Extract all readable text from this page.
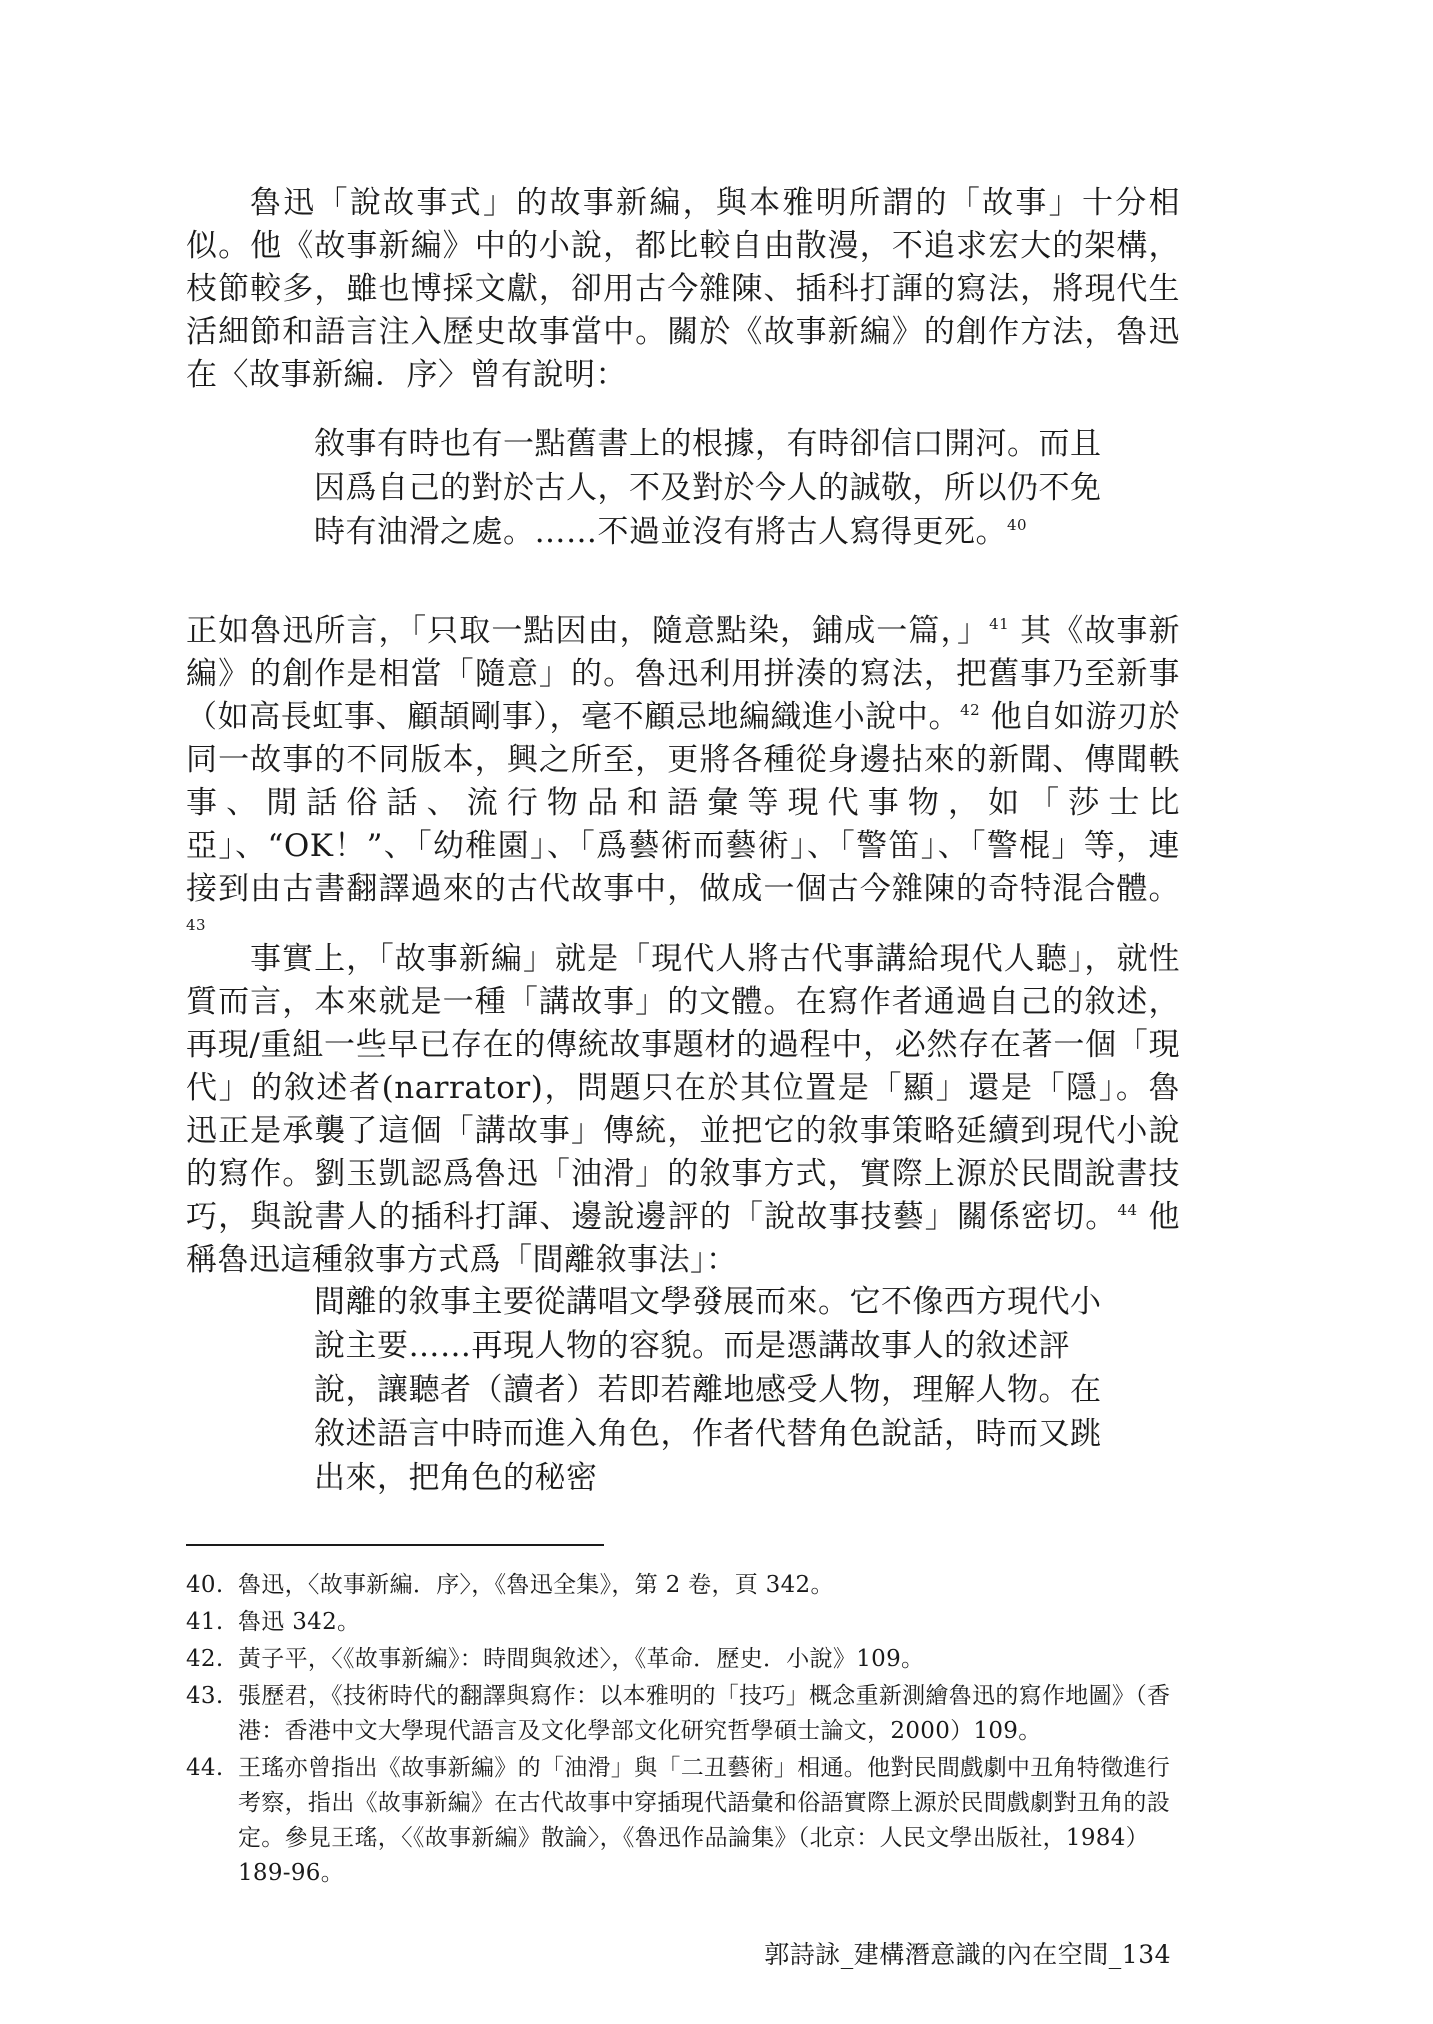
魯迅「說故事式」的故事新編，與本雅明所謂的「故事」十分相似。他《故事新編》中的小說，都比較自由散漫，不追求宏大的架構，枝節較多，雖也博採文獻，卻用古今雜陳、插科打諢的寫法，將現代生活細節和語言注入歷史故事當中。關於《故事新編》的創作方法，魯迅在〈故事新編．序〉曾有說明：

敘事有時也有一點舊書上的根據，有時卻信口開河。而且因爲自己的對於古人，不及對於今人的誠敬，所以仍不免時有油滑之處。……不過並沒有將古人寫得更死。$^{40}$

正如魯迅所言，「只取一點因由，隨意點染，鋪成一篇，」$^{41}$ 其《故事新編》的創作是相當「隨意」的。魯迅利用拼湊的寫法，把舊事乃至新事（如高長虹事、顧頡剛事），毫不顧忌地編織進小說中。$^{42}$ 他自如游刃於同一故事的不同版本，興之所至，更將各種從身邊拈來的新聞、傳聞軼事、閒話俗話、流行物品和語彙等現代事物，如「莎士比亞」、“OK！”、「幼稚園」、「爲藝術而藝術」、「警笛」、「警棍」等，連接到由古書翻譯過來的古代故事中，做成一個古今雜陳的奇特混合體。$^{43}$

事實上，「故事新編」就是「現代人將古代事講給現代人聽」，就性質而言，本來就是一種「講故事」的文體。在寫作者通過自己的敘述，再現/重組一些早已存在的傳統故事題材的過程中，必然存在著一個「現代」的敘述者(narrator)，問題只在於其位置是「顯」還是「隱」。魯迅正是承襲了這個「講故事」傳統，並把它的敘事策略延續到現代小說的寫作。劉玉凱認爲魯迅「油滑」的敘事方式，實際上源於民間說書技巧，與說書人的插科打諢、邊說邊評的「說故事技藝」關係密切。$^{44}$ 他稱魯迅這種敘事方式爲「間離敘事法」：

間離的敘事主要從講唱文學發展而來。它不像西方現代小說主要……再現人物的容貌。而是憑講故事人的敘述評說，讓聽者（讀者）若即若離地感受人物，理解人物。在敘述語言中時而進入角色，作者代替角色說話，時而又跳出來，把角色的秘密

40. 魯迅，〈故事新編．序〉，《魯迅全集》，第 2 卷，頁 342。

41. 魯迅 342。

42. 黃子平，〈《故事新編》：時間與敘述〉，《革命．歷史．小說》109。

43. 張歷君，《技術時代的翻譯與寫作：以本雅明的「技巧」概念重新測繪魯迅的寫作地圖》（香港：香港中文大學現代語言及文化學部文化研究哲學碩士論文，2000）109。

44. 王瑤亦曾指出《故事新編》的「油滑」與「二丑藝術」相通。他對民間戲劇中丑角特徵進行考察，指出《故事新編》在古代故事中穿插現代語彙和俗語實際上源於民間戲劇對丑角的設定。參見王瑤，〈《故事新編》散論〉，《魯迅作品論集》（北京：人民文學出版社，1984）189-96。

郭詩詠_建構潛意識的內在空間_134
